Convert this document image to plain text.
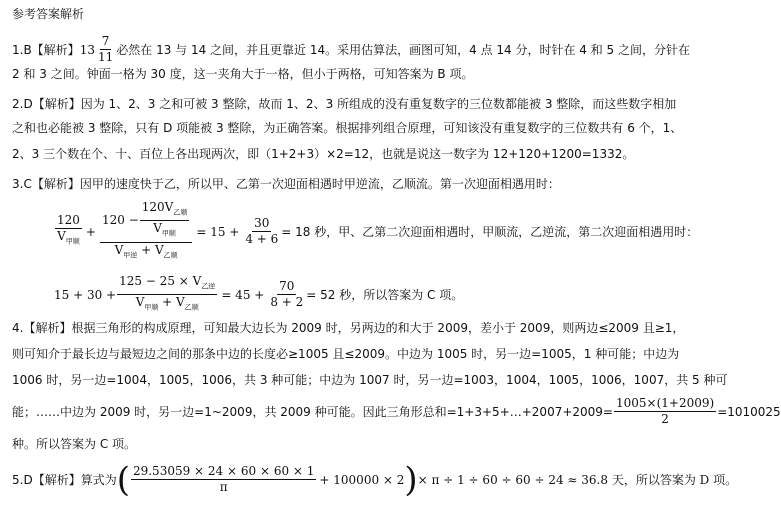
参考答案解析
1.B【解析】 $13 \frac{7}{11}$ 必然在 13 与 14 之间，并且更靠近 14。采用估算法，画图可知，4 点 14 分，时针在 4 和 5 之间，分针在
2 和 3 之间。钟面一格为 30 度，这一夹角大于一格，但小于两格，可知答案为 B 项。
2.D【解析】因为 1、2、3 之和可被 3 整除，故而 1、2、3 所组成的没有重复数字的三位数都能被 3 整除，而这些数字相加
之和也必能被 3 整除，只有 D 项能被 3 整除，为正确答案。根据排列组合原理，可知该没有重复数字的三位数共有 6 个，1、
2、3 三个数在个、十、百位上各出现两次，即（1+2+3）×2=12，也就是说这一数字为 12+120+1200=1332。
3.C【解析】因甲的速度快于乙，所以甲、乙第一次迎面相遇时甲逆流，乙顺流。第一次迎面相遇用时：
$\frac{120}{V_{甲顺}} + \frac{120 - \frac{120V_{乙顺}}{V_{甲顺}}}{V_{甲逆} + V_{乙顺}} = 15 + \frac{30}{4 + 6} = 18$ 秒，甲、乙第二次迎面相遇时，甲顺流，乙逆流，第二次迎面相遇用时：
$15 + 30 + \frac{125 - 25 \times V_{乙逆}}{V_{甲顺} + V_{乙顺}} = 45 + \frac{70}{8 + 2} = 52$ 秒，所以答案为 C 项。
4.【解析】根据三角形的构成原理，可知最大边长为 2009 时，另两边的和大于 2009，差小于 2009，则两边≤2009 且≥1，
则可知介于最长边与最短边之间的那条中边的长度必≥1005 且≤2009。中边为 1005 时，另一边=1005，1 种可能；中边为
1006 时，另一边=1004，1005，1006，共 3 种可能；中边为 1007 时，另一边=1003，1004，1005，1006，1007，共 5 种可
能；……中边为 2009 时，另一边=1~2009，共 2009 种可能。因此三角形总和=1+3+5+…+2007+2009= $\frac{1005\times(1+2009)}{2} =1010025$
种。所以答案为 C 项。
5.D【解析】算式为 ( $\frac{29.53059 \times 24 \times 60 \times 60 \times 1}{\pi} + 100000 \times 2$ ) × π ÷ 1 ÷ 60 ÷ 60 ÷ 24 ≈ 36.8 天，所以答案为 D 项。
